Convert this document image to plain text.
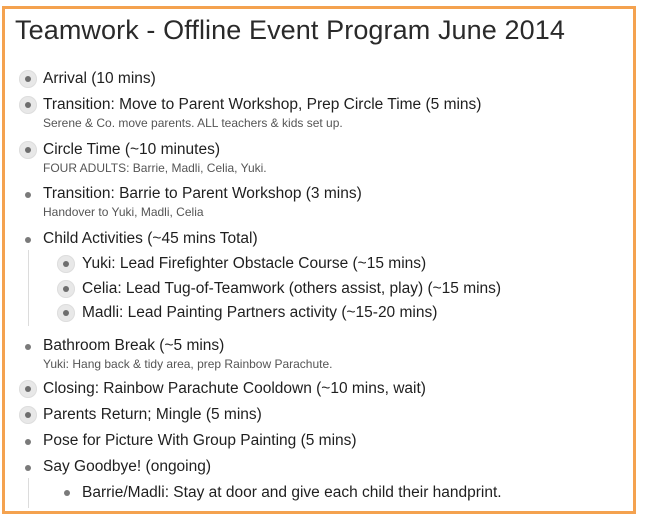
Teamwork - Offline Event Program June 2014
Arrival (10 mins)
Transition: Move to Parent Workshop, Prep Circle Time (5 mins)
Serene & Co. move parents. ALL teachers & kids set up.
Circle Time (~10 minutes)
FOUR ADULTS: Barrie, Madli, Celia, Yuki.
Transition: Barrie to Parent Workshop (3 mins)
Handover to Yuki, Madli, Celia
Child Activities (~45 mins Total)
Yuki: Lead Firefighter Obstacle Course (~15 mins)
Celia: Lead Tug-of-Teamwork (others assist, play) (~15 mins)
Madli: Lead Painting Partners activity (~15-20 mins)
Bathroom Break (~5 mins)
Yuki: Hang back & tidy area, prep Rainbow Parachute.
Closing: Rainbow Parachute Cooldown (~10 mins, wait)
Parents Return; Mingle (5 mins)
Pose for Picture With Group Painting (5 mins)
Say Goodbye! (ongoing)
Barrie/Madli: Stay at door and give each child their handprint.
